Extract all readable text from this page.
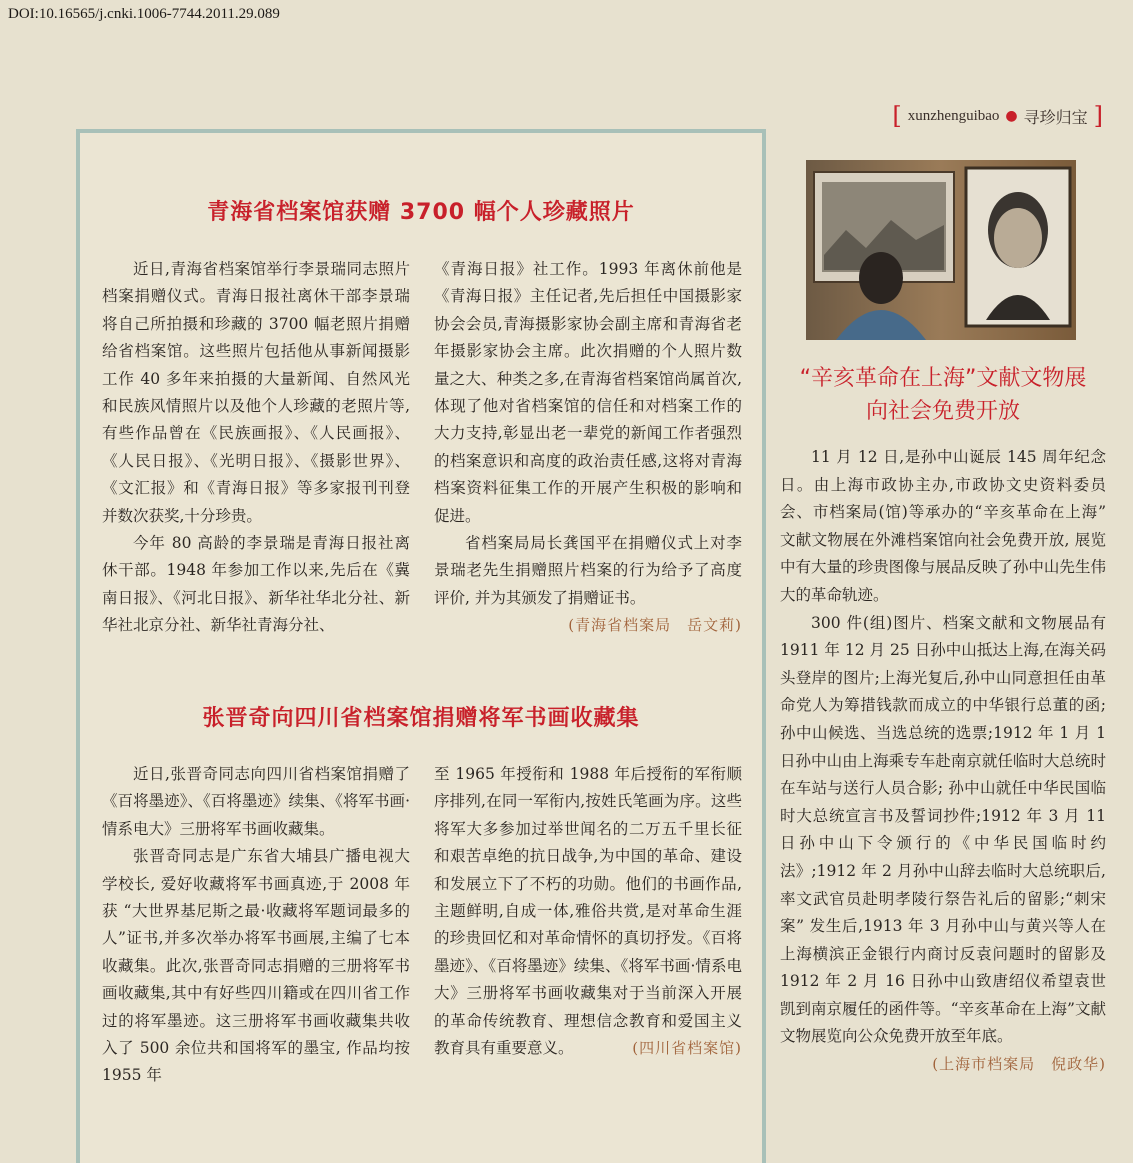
DOI:10.16565/j.cnki.1006-7744.2011.29.089
[ xunzhenguibao ● 寻珍归宝 ]
青海省档案馆获赠 3700 幅个人珍藏照片

近日,青海省档案馆举行李景瑞同志照片档案捐赠仪式。青海日报社离休干部李景瑞将自己所拍摄和珍藏的 3700 幅老照片捐赠给省档案馆。这些照片包括他从事新闻摄影工作 40 多年来拍摄的大量新闻、自然风光和民族风情照片以及他个人珍藏的老照片等,有些作品曾在《民族画报》、《人民画报》、《人民日报》、《光明日报》、《摄影世界》、《文汇报》和《青海日报》等多家报刊刊登并数次获奖,十分珍贵。

今年 80 高龄的李景瑞是青海日报社离休干部。1948 年参加工作以来,先后在《冀南日报》、《河北日报》、新华社华北分社、新华社北京分社、新华社青海分社、

《青海日报》社工作。1993 年离休前他是《青海日报》主任记者,先后担任中国摄影家协会会员,青海摄影家协会副主席和青海省老年摄影家协会主席。此次捐赠的个人照片数量之大、种类之多,在青海省档案馆尚属首次,体现了他对省档案馆的信任和对档案工作的大力支持,彰显出老一辈党的新闻工作者强烈的档案意识和高度的政治责任感,这将对青海档案资料征集工作的开展产生积极的影响和促进。

省档案局局长龚国平在捐赠仪式上对李景瑞老先生捐赠照片档案的行为给予了高度评价, 并为其颁发了捐赠证书。

(青海省档案局　岳文莉)

张晋奇向四川省档案馆捐赠将军书画收藏集

近日,张晋奇同志向四川省档案馆捐赠了《百将墨迹》、《百将墨迹》续集、《将军书画·情系电大》三册将军书画收藏集。

张晋奇同志是广东省大埔县广播电视大学校长, 爱好收藏将军书画真迹,于 2008 年获 “大世界基尼斯之最·收藏将军题词最多的人”证书,并多次举办将军书画展,主编了七本收藏集。此次,张晋奇同志捐赠的三册将军书画收藏集,其中有好些四川籍或在四川省工作过的将军墨迹。这三册将军书画收藏集共收入了 500 余位共和国将军的墨宝, 作品均按 1955 年

至 1965 年授衔和 1988 年后授衔的军衔顺序排列,在同一军衔内,按姓氏笔画为序。这些将军大多参加过举世闻名的二万五千里长征和艰苦卓绝的抗日战争,为中国的革命、建设和发展立下了不朽的功勋。他们的书画作品,主题鲜明,自成一体,雅俗共赏,是对革命生涯的珍贵回忆和对革命情怀的真切抒发。《百将墨迹》、《百将墨迹》续集、《将军书画·情系电大》三册将军书画收藏集对于当前深入开展的革命传统教育、理想信念教育和爱国主义教育具有重要意义。	(四川省档案馆)

“辛亥革命在上海”文献文物展
向社会免费开放

11 月 12 日,是孙中山诞辰 145 周年纪念日。由上海市政协主办,市政协文史资料委员会、市档案局(馆)等承办的“辛亥革命在上海” 文献文物展在外滩档案馆向社会免费开放, 展览中有大量的珍贵图像与展品反映了孙中山先生伟大的革命轨迹。

300 件(组)图片、档案文献和文物展品有 1911 年 12 月 25 日孙中山抵达上海,在海关码头登岸的图片;上海光复后,孙中山同意担任由革命党人为筹措钱款而成立的中华银行总董的函;孙中山候选、当选总统的选票;1912 年 1 月 1 日孙中山由上海乘专车赴南京就任临时大总统时在车站与送行人员合影; 孙中山就任中华民国临时大总统宣言书及誓词抄件;1912 年 3 月 11 日孙中山下令颁行的《中华民国临时约法》;1912 年 2 月孙中山辞去临时大总统职后,率文武官员赴明孝陵行祭告礼后的留影;“刺宋案” 发生后,1913 年 3 月孙中山与黄兴等人在上海横滨正金银行内商讨反袁问题时的留影及 1912 年 2 月 16 日孙中山致唐绍仪希望袁世凯到南京履任的函件等。“辛亥革命在上海”文献文物展览向公众免费开放至年底。

(上海市档案局　倪政华)
